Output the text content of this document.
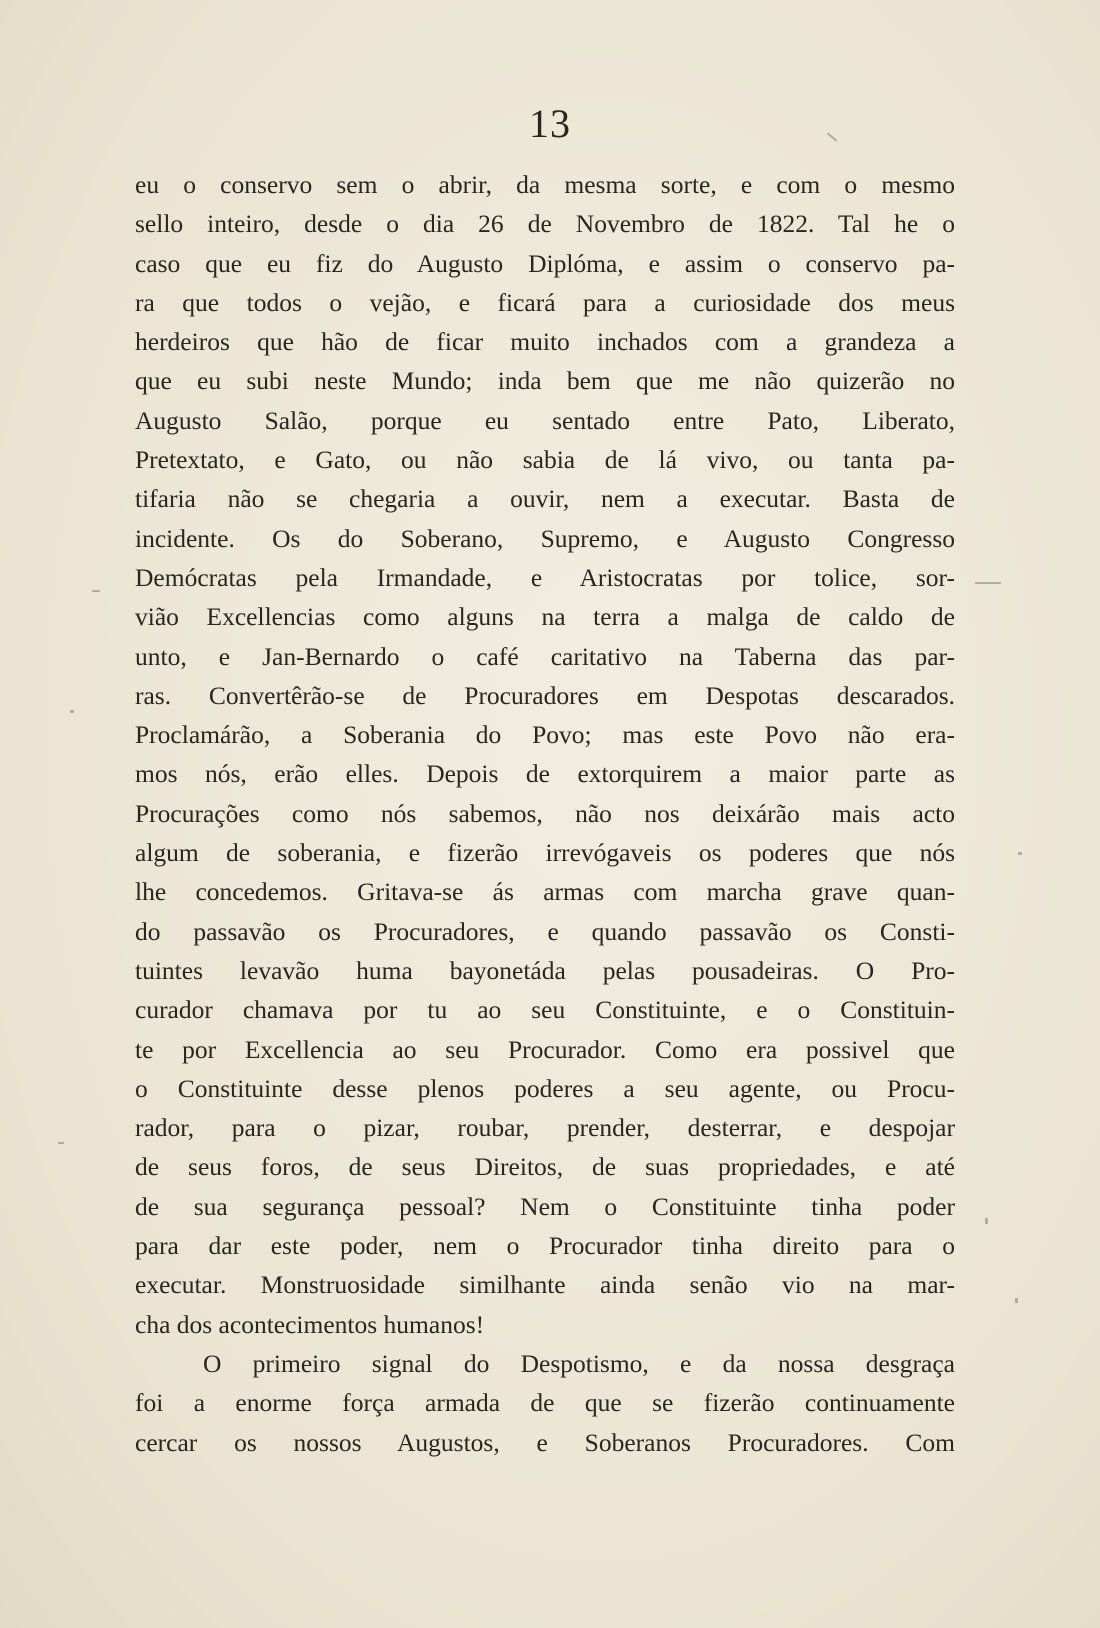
13
eu o conservo sem o abrir, da mesma sorte, e com o mesmo
sello inteiro, desde o dia 26 de Novembro de 1822. Tal he o
caso que eu fiz do Augusto Diplóma, e assim o conservo pa-
ra que todos o vejão, e ficará para a curiosidade dos meus
herdeiros que hão de ficar muito inchados com a grandeza a
que eu subi neste Mundo; inda bem que me não quizerão no
Augusto Salão, porque eu sentado entre Pato, Liberato,
Pretextato, e Gato, ou não sabia de lá vivo, ou tanta pa-
tifaria não se chegaria a ouvir, nem a executar. Basta de
incidente. Os do Soberano, Supremo, e Augusto Congresso
Demócratas pela Irmandade, e Aristocratas por tolice, sor-
vião Excellencias como alguns na terra a malga de caldo de
unto, e Jan-Bernardo o café caritativo na Taberna das par-
ras. Convertêrão-se de Procuradores em Despotas descarados.
Proclamárão, a Soberania do Povo; mas este Povo não era-
mos nós, erão elles. Depois de extorquirem a maior parte as
Procurações como nós sabemos, não nos deixárão mais acto
algum de soberania, e fizerão irrevógaveis os poderes que nós
lhe concedemos. Gritava-se ás armas com marcha grave quan-
do passavão os Procuradores, e quando passavão os Consti-
tuintes levavão huma bayonetáda pelas pousadeiras. O Pro-
curador chamava por tu ao seu Constituinte, e o Constituin-
te por Excellencia ao seu Procurador. Como era possivel que
o Constituinte desse plenos poderes a seu agente, ou Procu-
rador, para o pizar, roubar, prender, desterrar, e despojar
de seus foros, de seus Direitos, de suas propriedades, e até
de sua segurança pessoal? Nem o Constituinte tinha poder
para dar este poder, nem o Procurador tinha direito para o
executar. Monstruosidade similhante ainda senão vio na mar-
cha dos acontecimentos humanos!
O primeiro signal do Despotismo, e da nossa desgraça
foi a enorme força armada de que se fizerão continuamente
cercar os nossos Augustos, e Soberanos Procuradores. Com
